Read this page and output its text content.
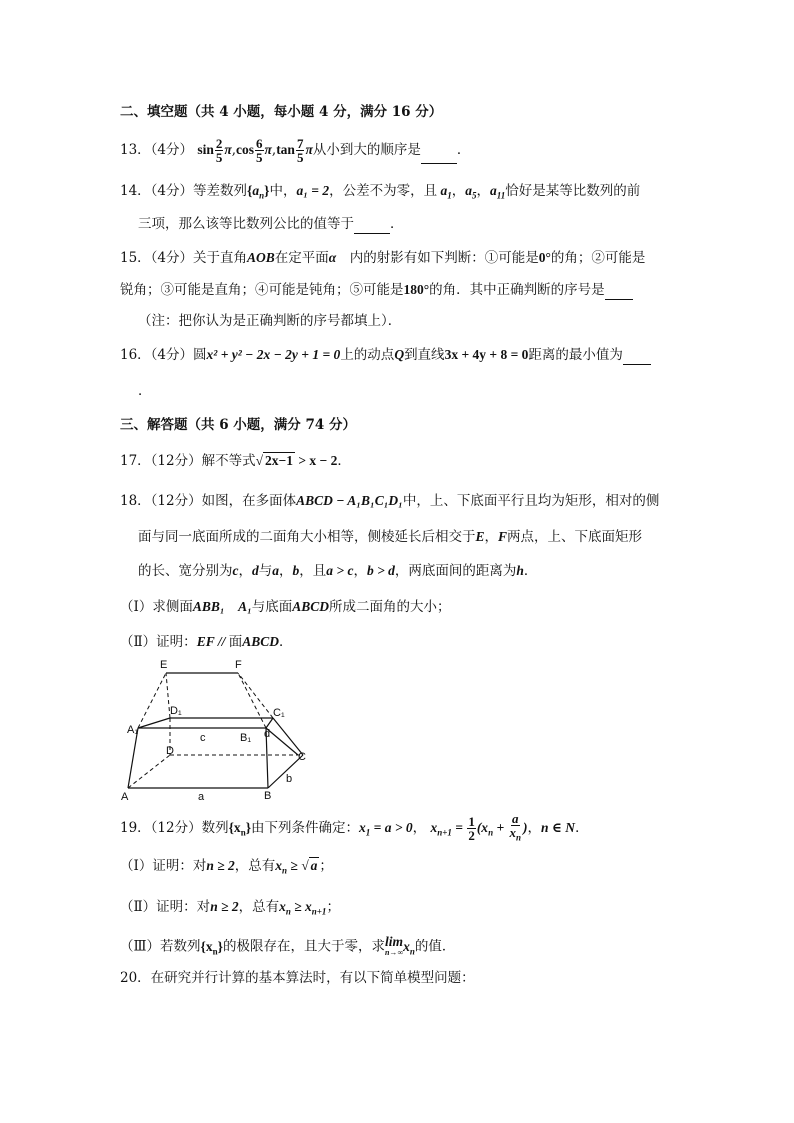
二、填空题（共 4 小题，每小题 4 分，满分 16 分）
13．（4分） $\sin \frac{2}{5} \pi,\cos \frac{6}{5} \pi,\tan \frac{7}{5}$ π从小到大的顺序是	．
14．（4分）等差数列$\{a_n\}$中，a₁ = 2，公差不为零，且 $a_1$，$a_5$，$a_{11}$恰好是某等比数列的前
三项，那么该等比数列公比的值等于	．
15．（4分）关于直角AOB在定平面α　 内的射影有如下判断：①可能是0°的角；②可能是
锐角；③可能是直角；④可能是钝角；⑤可能是180°的角．其中正确判断的序号是
（注：把你认为是正确判断的序号都填上）．
16．（4分）圆x² + y² − 2x − 2y + 1 = 0上的动点Q到直线3x + 4y + 8 = 0距离的最小值为
．
三、解答题（共 6 小题，满分 74 分）
17．（12分）解不等式√ 2x−1 > x − 2．
18．（12分）如图，在多面体ABCD − A₁B₁C₁D₁中，上、下底面平行且均为矩形，相对的侧
面与同一底面所成的二面角大小相等，侧棱延长后相交于E，F两点，上、下底面矩形
的长、宽分别为c，d与a，b，且a > c，b > d，两底面间的距离为h．
（Ⅰ）求侧面ABB₁　A₁与底面ABCD所成二面角的大小；
（Ⅱ）证明：EF // 面ABCD．
E	F
D₁	C₁
A₁
B₁
D	C
A	B
c	d
a
b
19．（12分）数列$\{x_n\}$由下列条件确定：$x_1 = a > 0$， $x_{n+1} = \frac{1}{2} (x_n + \frac{a}{x_n}$ )，n ∈ N．
（Ⅰ）证明：对n ≥ 2，总有$x_n$ ≥ √ a ；
（Ⅱ）证明：对n ≥ 2，总有$x_n \ge x_{n+1}$；
（Ⅲ）若数列$\{x_n\}$的极限存在，且大于零，求 lim
n→∞ $x_n$的值．
20．在研究并行计算的基本算法时，有以下简单模型问题：
